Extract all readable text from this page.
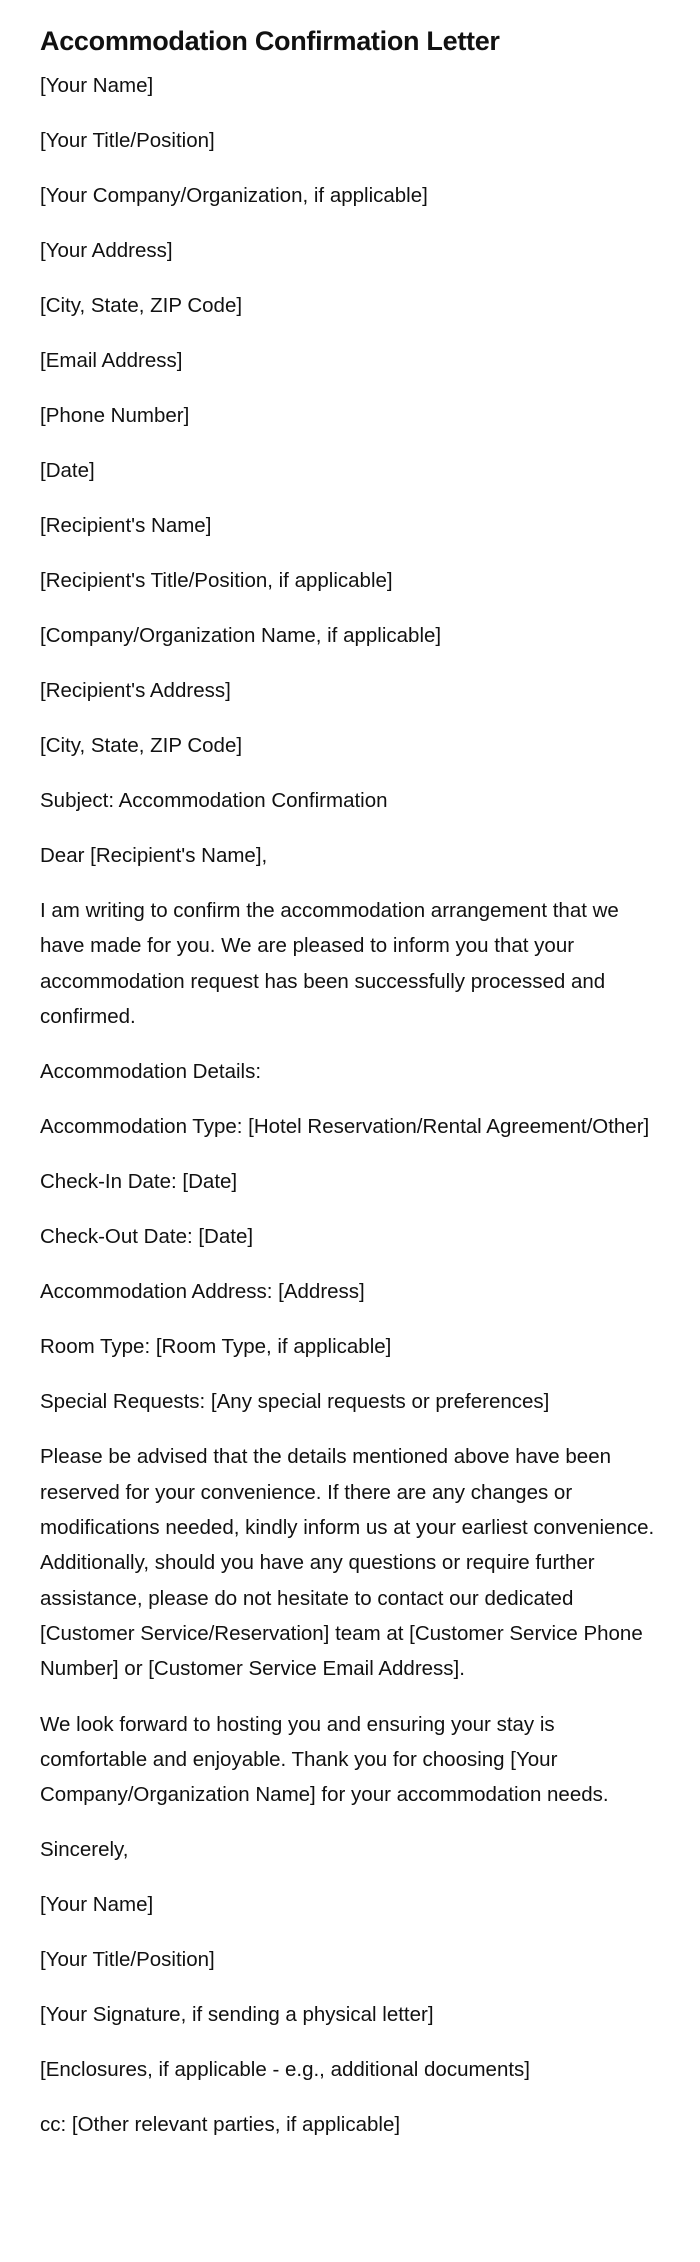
Accommodation Confirmation Letter

[Your Name]

[Your Title/Position]

[Your Company/Organization, if applicable]

[Your Address]

[City, State, ZIP Code]

[Email Address]

[Phone Number]

[Date]

[Recipient's Name]

[Recipient's Title/Position, if applicable]

[Company/Organization Name, if applicable]

[Recipient's Address]

[City, State, ZIP Code]

Subject: Accommodation Confirmation

Dear [Recipient's Name],

I am writing to confirm the accommodation arrangement that we have made for you. We are pleased to inform you that your accommodation request has been successfully processed and confirmed.

Accommodation Details:

Accommodation Type: [Hotel Reservation/Rental Agreement/Other]

Check-In Date: [Date]

Check-Out Date: [Date]

Accommodation Address: [Address]

Room Type: [Room Type, if applicable]

Special Requests: [Any special requests or preferences]

Please be advised that the details mentioned above have been reserved for your convenience. If there are any changes or modifications needed, kindly inform us at your earliest convenience. Additionally, should you have any questions or require further assistance, please do not hesitate to contact our dedicated [Customer Service/Reservation] team at [Customer Service Phone Number] or [Customer Service Email Address].

We look forward to hosting you and ensuring your stay is comfortable and enjoyable. Thank you for choosing [Your Company/Organization Name] for your accommodation needs.

Sincerely,

[Your Name]

[Your Title/Position]

[Your Signature, if sending a physical letter]

[Enclosures, if applicable - e.g., additional documents]

cc: [Other relevant parties, if applicable]
